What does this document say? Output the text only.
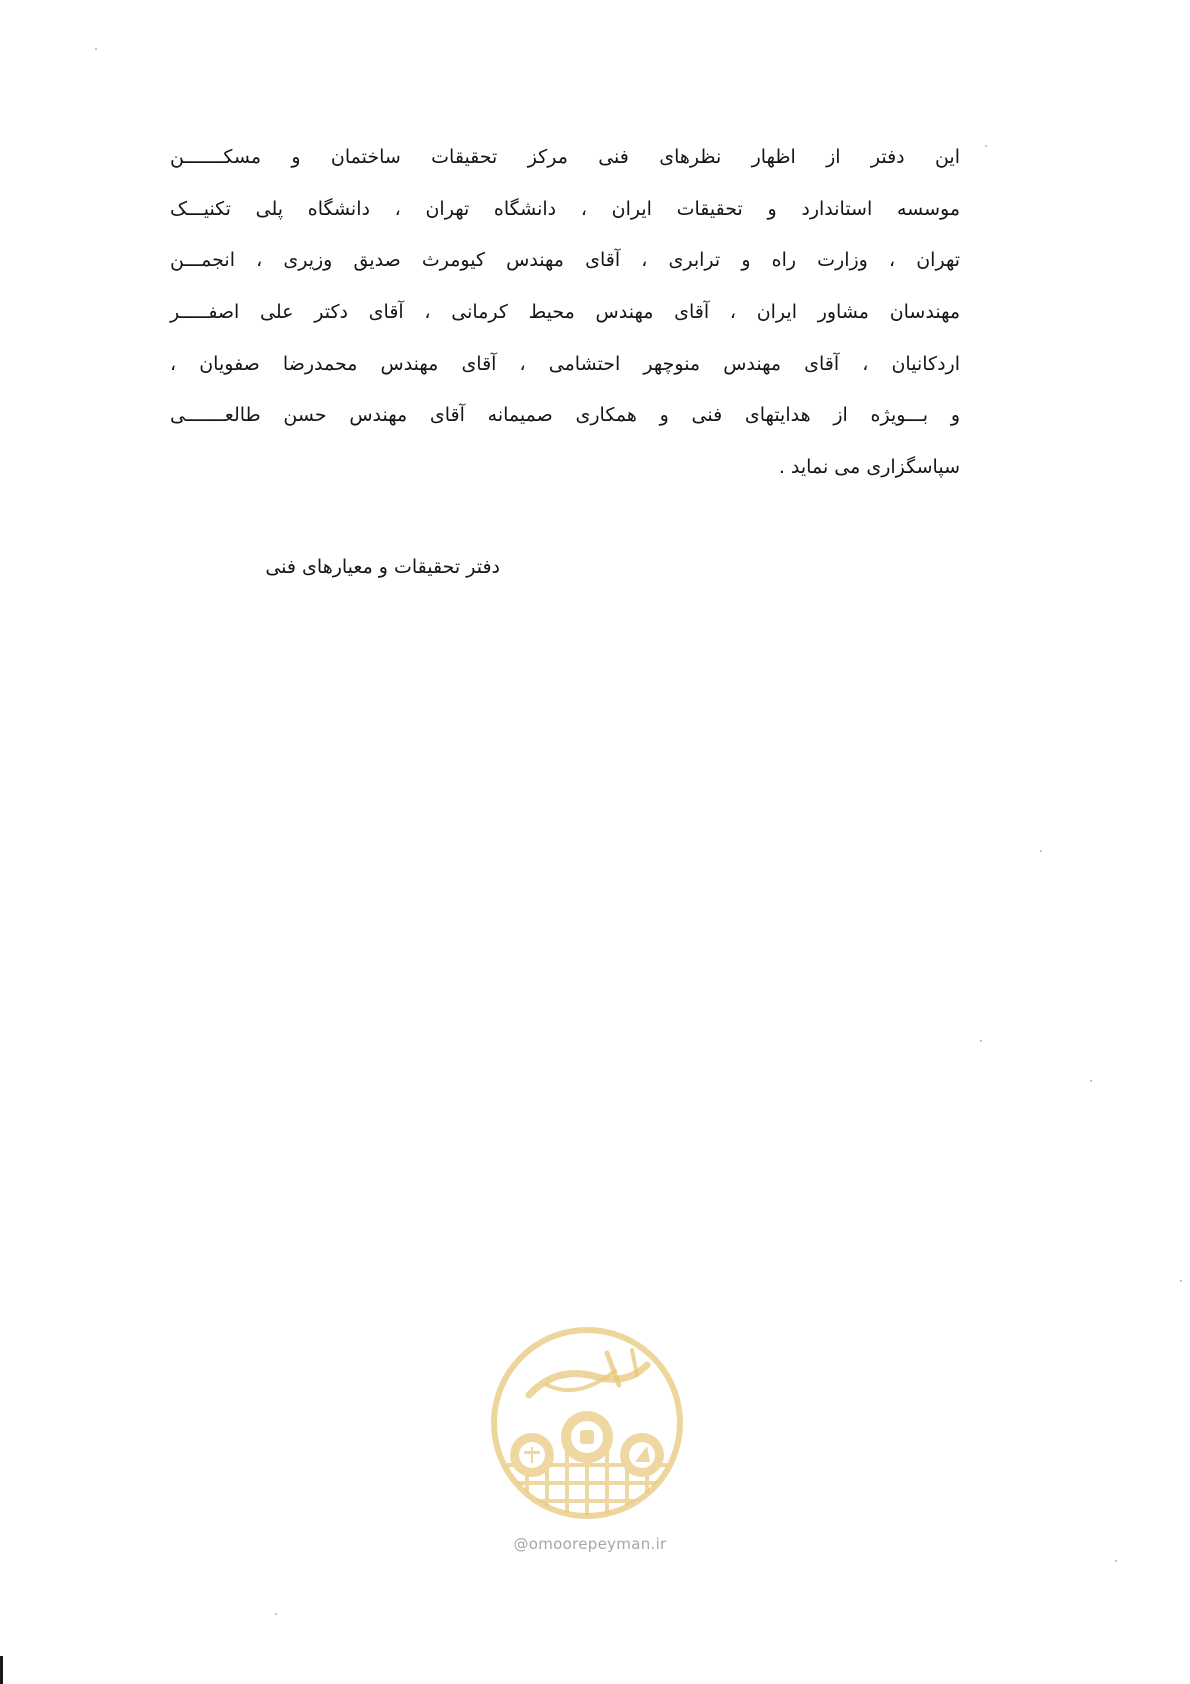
این دفتر از اظهار نظرهای فنی مرکز تحقیقات ساختمان و مسکـــــــن
موسسه استاندارد و تحقیقات ایران ، دانشگاه تهران ، دانشگاه پلی تکنیـــک
تهران ، وزارت راه و ترابری ، آقای مهندس کیومرث صدیق وزیری ، انجمـــن
مهندسان مشاور ایران ، آقای مهندس محیط کرمانی ، آقای دکتر علی اصفـــــر
اردکانیان ، آقای مهندس منوچهر احتشامی ، آقای مهندس محمدرضا صفویان ،
و بـــویژه از هدایتهای فنی و همکاری صمیمانه آقای مهندس حسن طالعـــــــی
سپاسگزاری می نماید .
دفتر تحقیقات و معیارهای فنی
@omoorepeyman.ir
